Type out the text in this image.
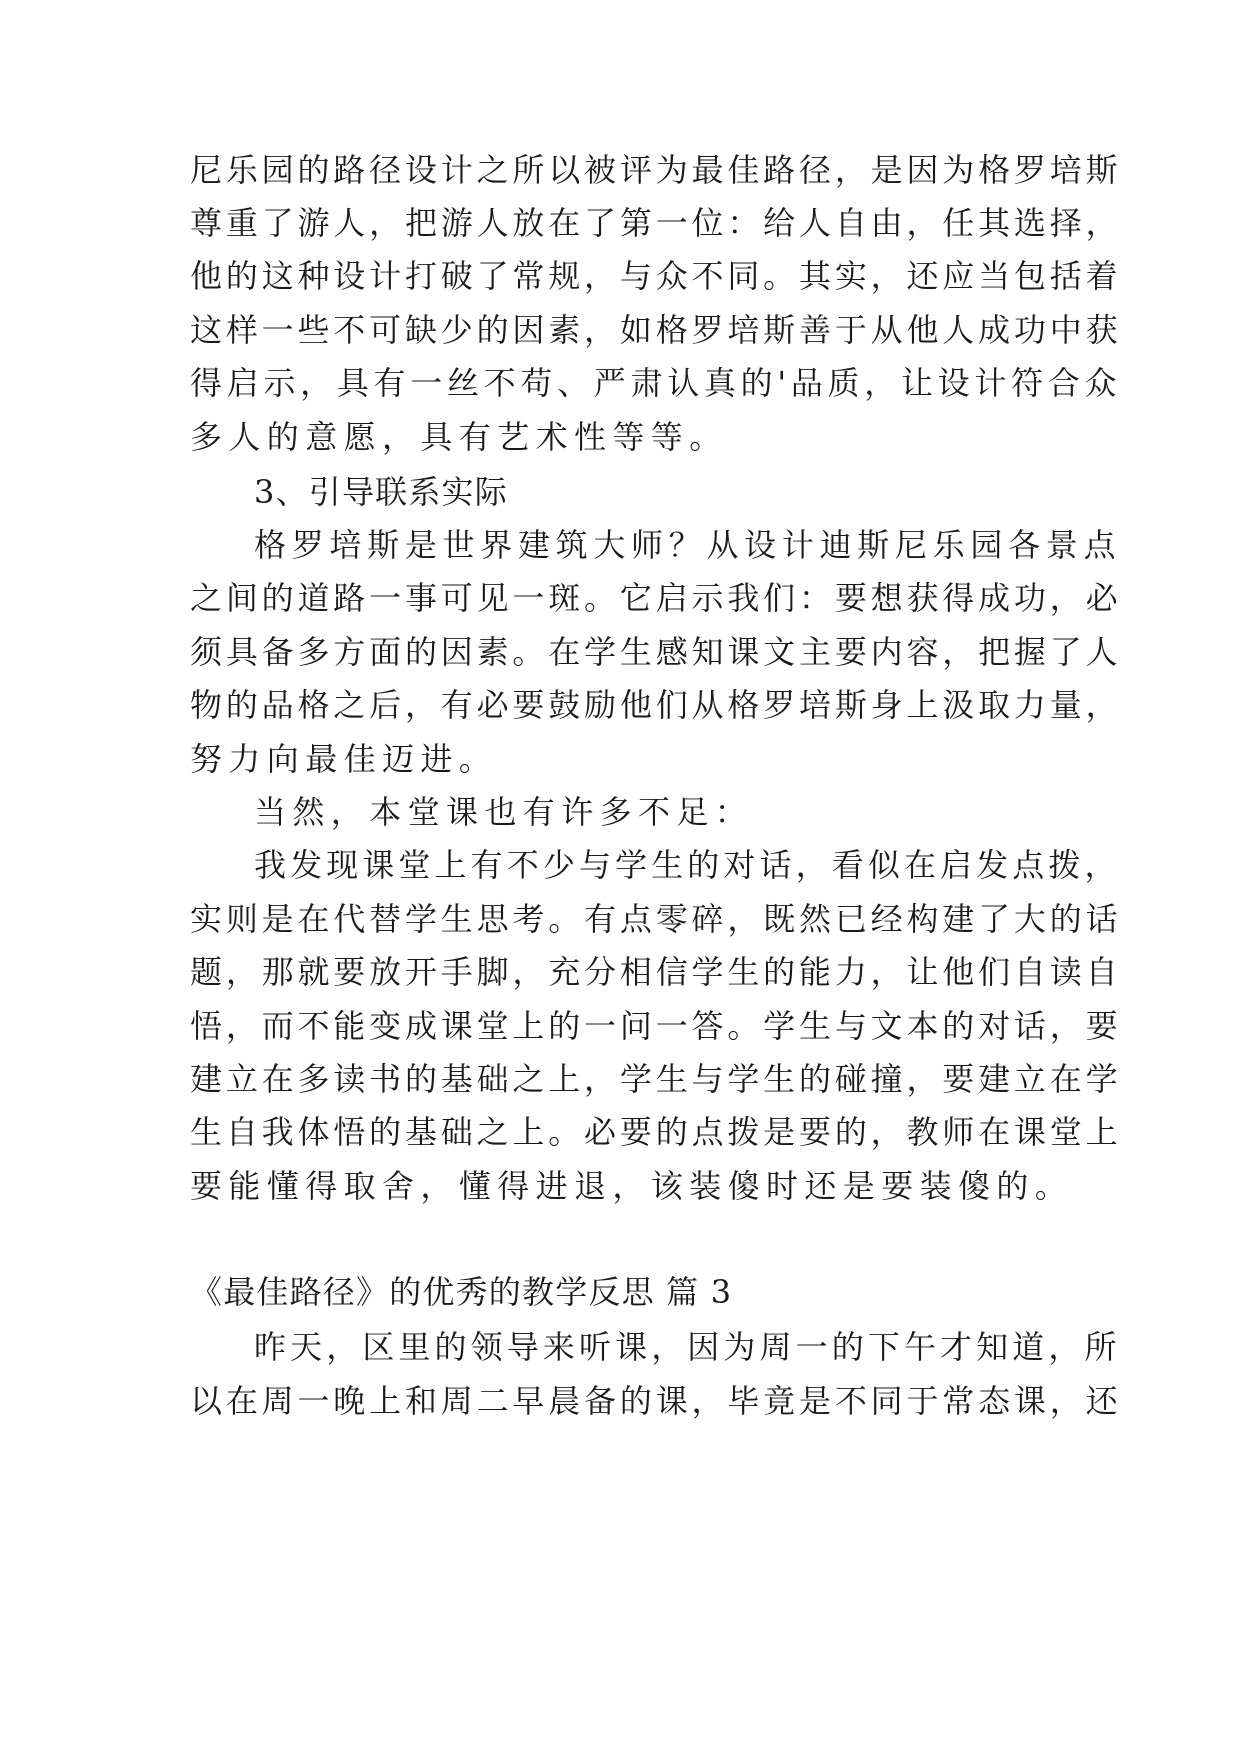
尼乐园的路径设计之所以被评为最佳路径，是因为格罗培斯
尊重了游人，把游人放在了第一位：给人自由，任其选择，
他的这种设计打破了常规，与众不同。其实，还应当包括着
这样一些不可缺少的因素，如格罗培斯善于从他人成功中获
得启示，具有一丝不苟、严肃认真的'品质，让设计符合众
多人的意愿，具有艺术性等等。
3、引导联系实际
格罗培斯是世界建筑大师？从设计迪斯尼乐园各景点
之间的道路一事可见一斑。它启示我们：要想获得成功，必
须具备多方面的因素。在学生感知课文主要内容，把握了人
物的品格之后，有必要鼓励他们从格罗培斯身上汲取力量，
努力向最佳迈进。
当然，本堂课也有许多不足：
我发现课堂上有不少与学生的对话，看似在启发点拨，
实则是在代替学生思考。有点零碎，既然已经构建了大的话
题，那就要放开手脚，充分相信学生的能力，让他们自读自
悟，而不能变成课堂上的一问一答。学生与文本的对话，要
建立在多读书的基础之上，学生与学生的碰撞，要建立在学
生自我体悟的基础之上。必要的点拨是要的，教师在课堂上
要能懂得取舍，懂得进退，该装傻时还是要装傻的。
《最佳路径》的优秀的教学反思 篇 3
昨天，区里的领导来听课，因为周一的下午才知道，所
以在周一晚上和周二早晨备的课，毕竟是不同于常态课，还
